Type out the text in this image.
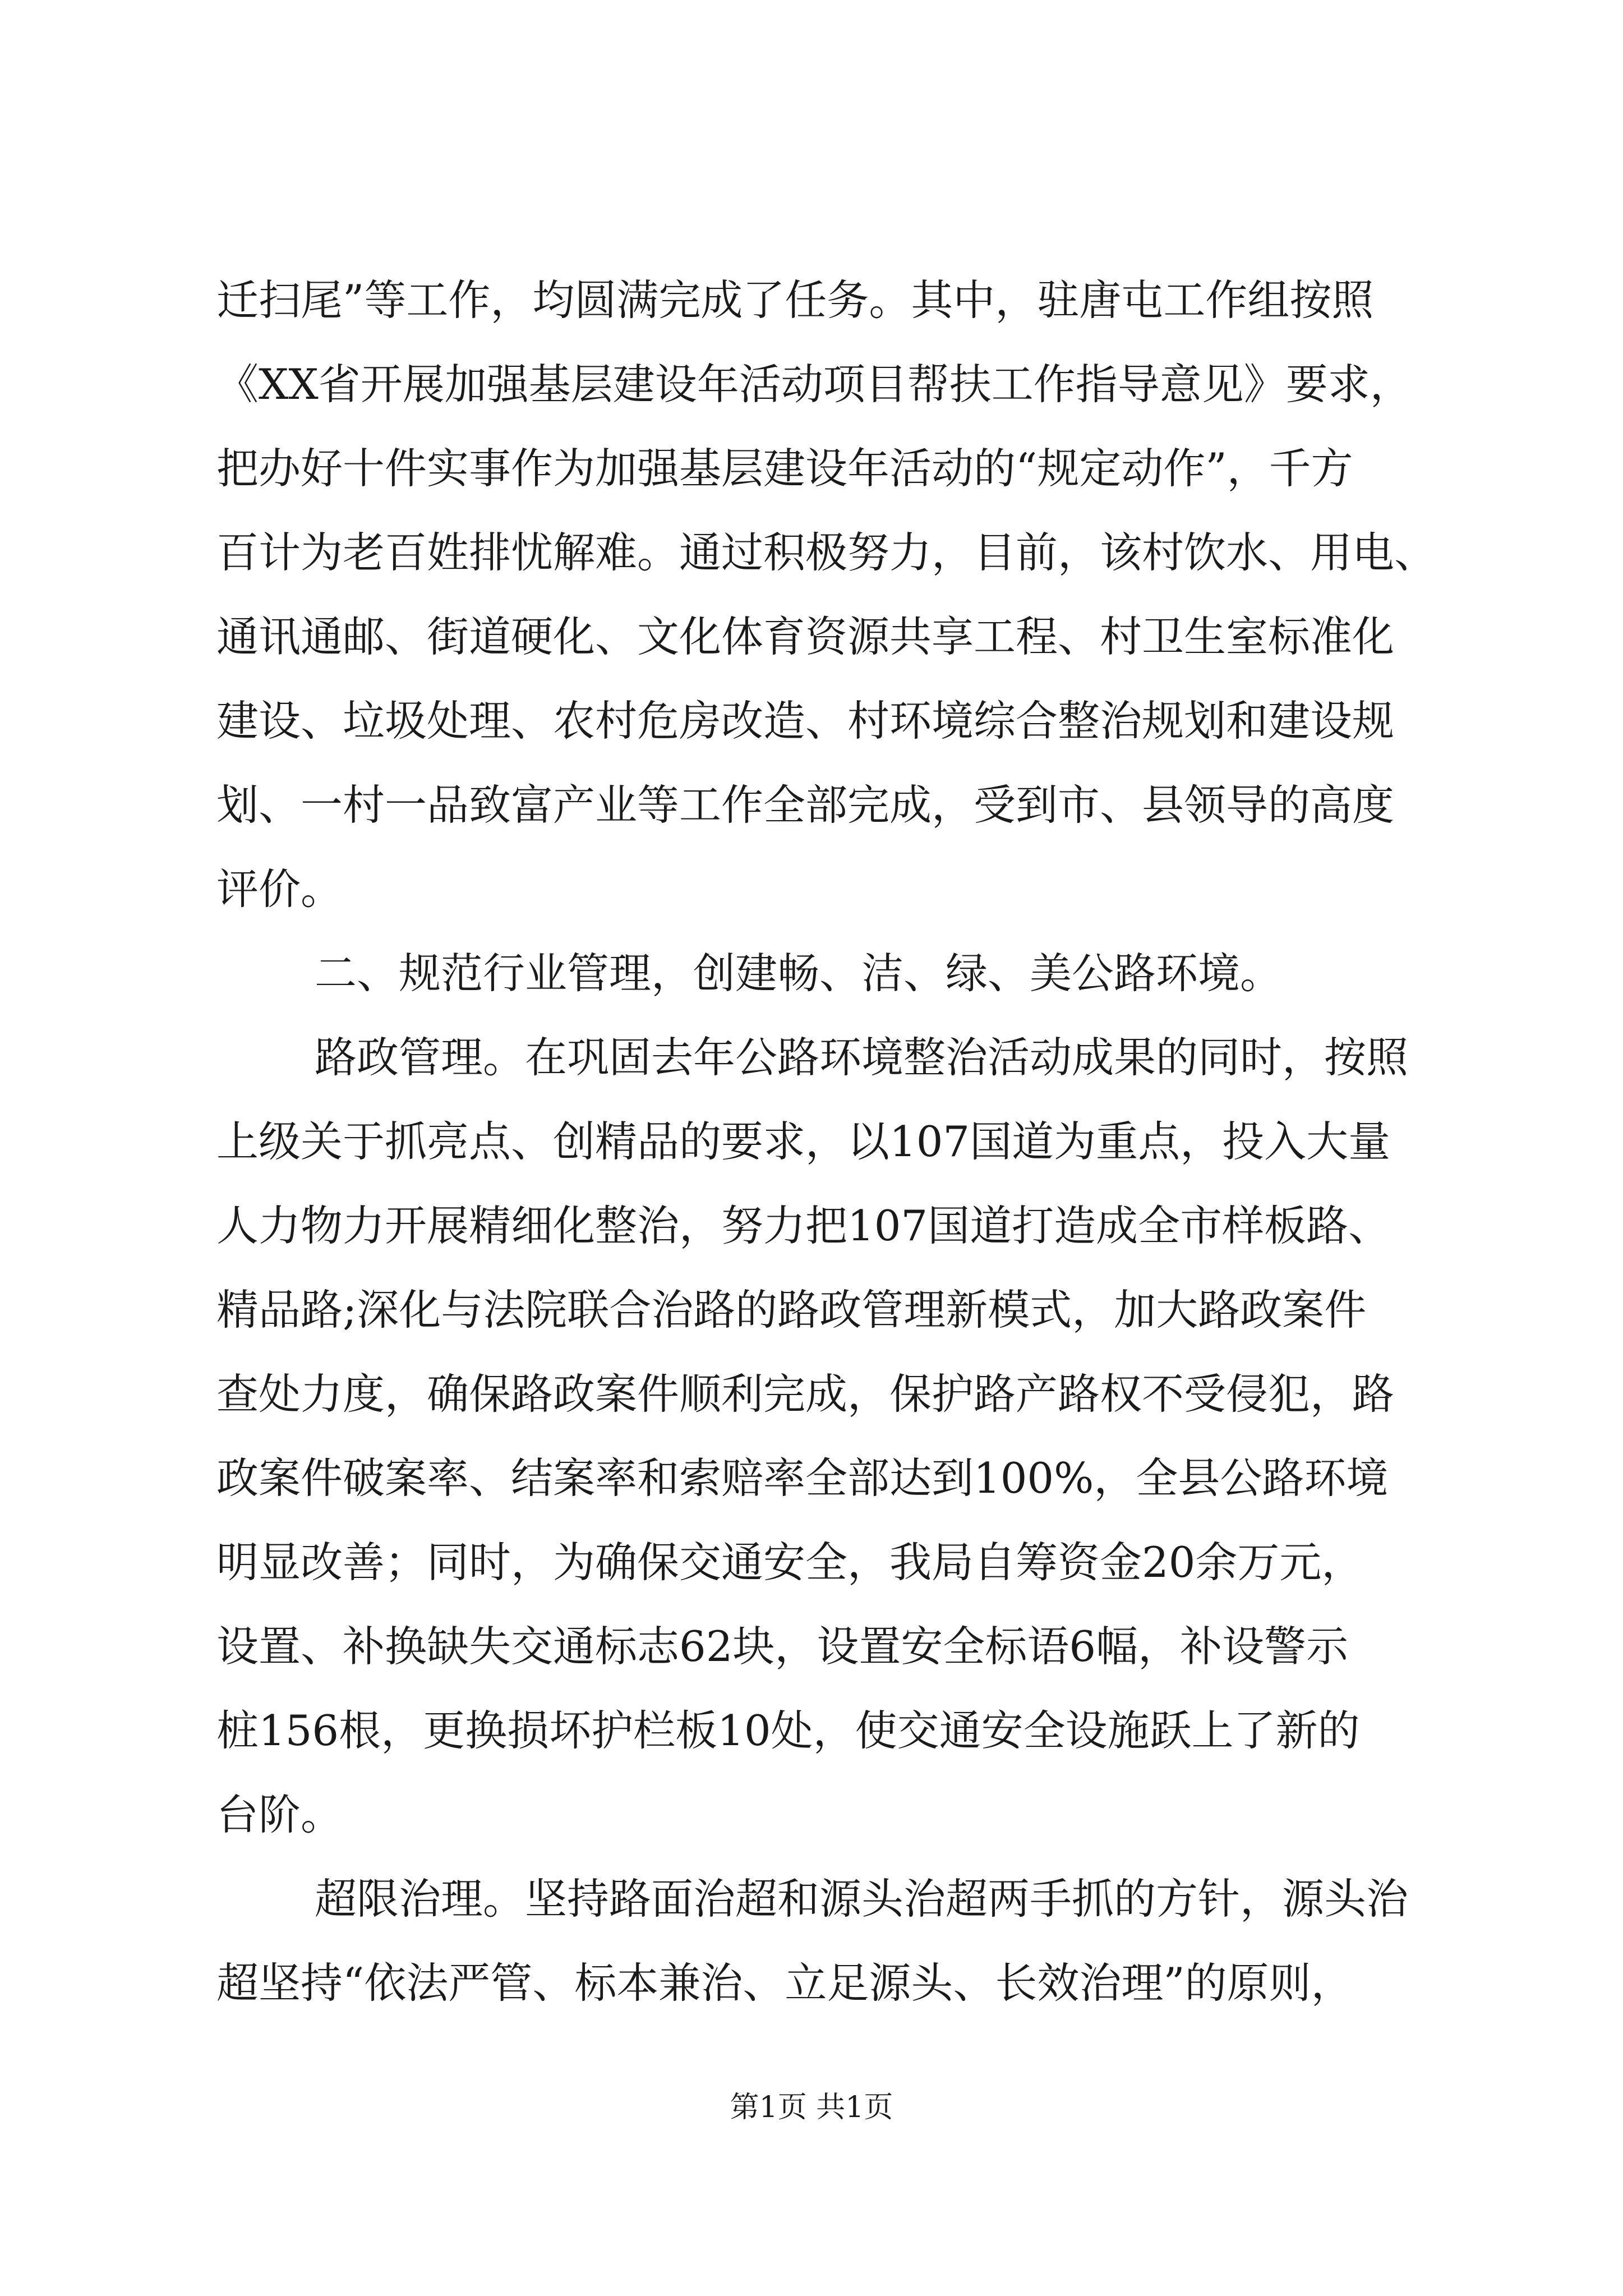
迁扫尾”等工作，均圆满完成了任务。其中，驻唐屯工作组按照
《XX省开展加强基层建设年活动项目帮扶工作指导意见》要求，
把办好十件实事作为加强基层建设年活动的“规定动作”，千方
百计为老百姓排忧解难。通过积极努力，目前，该村饮水、用电、
通讯通邮、街道硬化、文化体育资源共享工程、村卫生室标准化
建设、垃圾处理、农村危房改造、村环境综合整治规划和建设规
划、一村一品致富产业等工作全部完成，受到市、县领导的高度
评价。
二、规范行业管理，创建畅、洁、绿、美公路环境。
路政管理。在巩固去年公路环境整治活动成果的同时，按照
上级关于抓亮点、创精品的要求，以107国道为重点，投入大量
人力物力开展精细化整治，努力把107国道打造成全市样板路、
精品路;深化与法院联合治路的路政管理新模式，加大路政案件
查处力度，确保路政案件顺利完成，保护路产路权不受侵犯，路
政案件破案率、结案率和索赔率全部达到100%，全县公路环境
明显改善；同时，为确保交通安全，我局自筹资金20余万元，
设置、补换缺失交通标志62块，设置安全标语6幅，补设警示
桩156根，更换损坏护栏板10处，使交通安全设施跃上了新的
台阶。
超限治理。坚持路面治超和源头治超两手抓的方针，源头治
超坚持“依法严管、标本兼治、立足源头、长效治理”的原则，
第1页 共1页
